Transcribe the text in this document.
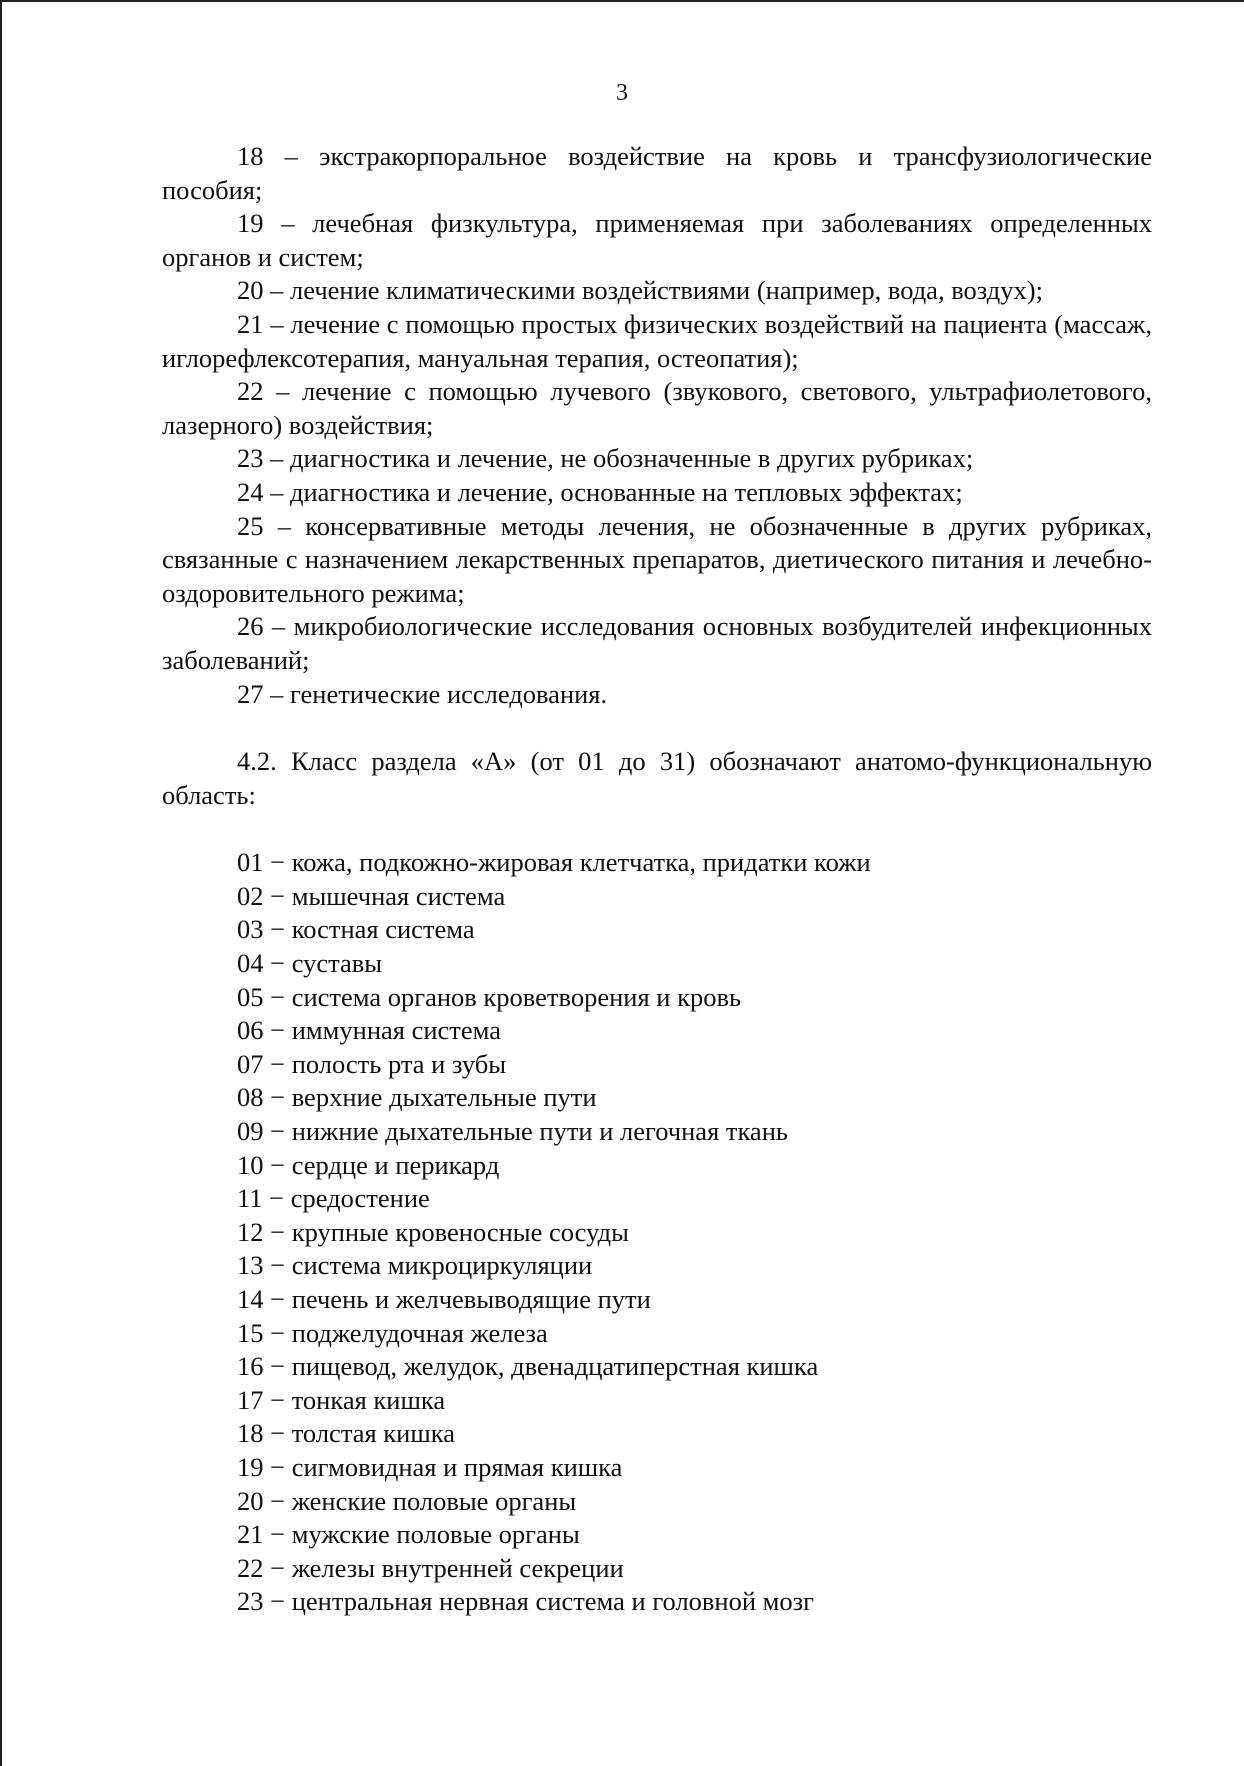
3

18 – экстракорпоральное воздействие на кровь и трансфузиологические пособия;

19 – лечебная физкультура, применяемая при заболеваниях определенных органов и систем;

20 – лечение климатическими воздействиями (например, вода, воздух);

21 – лечение с помощью простых физических воздействий на пациента (массаж, иглорефлексотерапия, мануальная терапия, остеопатия);

22 – лечение с помощью лучевого (звукового, светового, ультрафиолетового, лазерного) воздействия;

23 – диагностика и лечение, не обозначенные в других рубриках;

24 – диагностика и лечение, основанные на тепловых эффектах;

25 – консервативные методы лечения, не обозначенные в других рубриках, связанные с назначением лекарственных препаратов, диетического питания и лечебно-оздоровительного режима;

26 – микробиологические исследования основных возбудителей инфекционных заболеваний;

27 – генетические исследования.

4.2. Класс раздела «А» (от 01 до 31) обозначают анатомо-функциональную область:

01 − кожа, подкожно-жировая клетчатка, придатки кожи
02 − мышечная система
03 − костная система
04 − суставы
05 − система органов кроветворения и кровь
06 − иммунная система
07 − полость рта и зубы
08 − верхние дыхательные пути
09 − нижние дыхательные пути и легочная ткань
10 − сердце и перикард
11 − средостение
12 − крупные кровеносные сосуды
13 − система микроциркуляции
14 − печень и желчевыводящие пути
15 − поджелудочная железа
16 − пищевод, желудок, двенадцатиперстная кишка
17 − тонкая кишка
18 − толстая кишка
19 − сигмовидная и прямая кишка
20 − женские половые органы
21 − мужские половые органы
22 − железы внутренней секреции
23 − центральная нервная система и головной мозг
